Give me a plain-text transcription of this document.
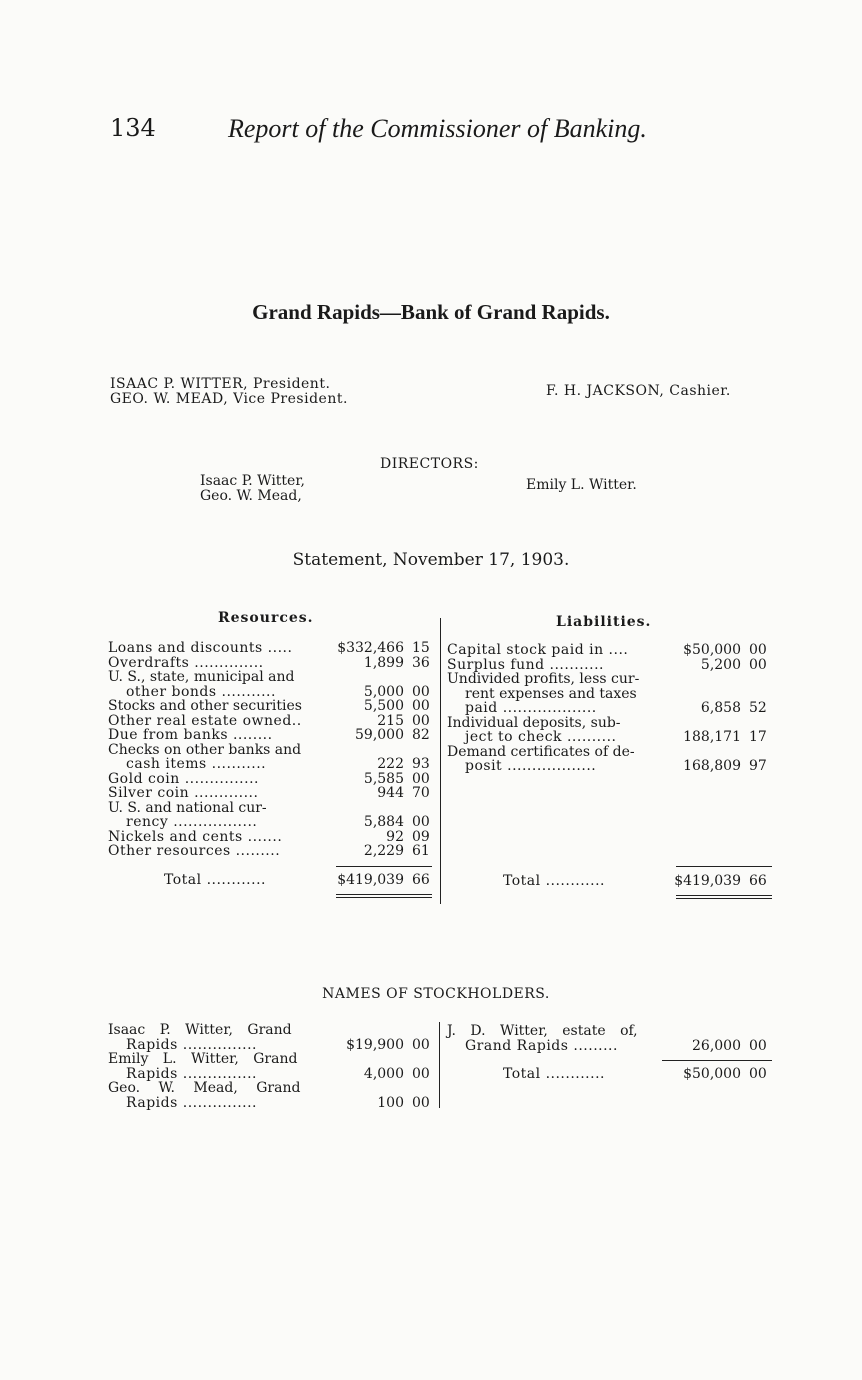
134	Report of the Commissioner of Banking.
Grand Rapids—Bank of Grand Rapids.
ISAAC P. WITTER, President.
GEO. W. MEAD, Vice President.	F. H. JACKSON, Cashier.
DIRECTORS:
Isaac P. Witter,
Geo. W. Mead,
Emily L. Witter.
Statement, November 17, 1903.
Resources.	Liabilities.
Loans and discounts .....	$332,466	15
Overdrafts ..............	1,899	36
U. S., state, municipal and		
other bonds ...........	5,000	00
Stocks and other securities	5,500	00
Other real estate owned..	215	00
Due from banks ........	59,000	82
Checks on other banks and		
cash items ...........	222	93
Gold coin ...............	5,585	00
Silver coin .............	944	70
U. S. and national cur-		
rency .................	5,884	00
Nickels and cents .......	92	09
Other resources .........	2,229	61
Total ............	$419,039	66
Capital stock paid in ....	$50,000	00
Surplus fund ...........	5,200	00
Undivided profits, less cur-		
rent expenses and taxes		
paid ...................	6,858	52
Individual deposits, sub-		
ject to check ..........	188,171	17
Demand certificates of de-		
posit ..................	168,809	97
Total ............	$419,039	66
NAMES OF STOCKHOLDERS.
Isaac P. Witter, Grand		
Rapids ...............	$19,900	00
Emily L. Witter, Grand		
Rapids ...............	4,000	00
Geo. W. Mead, Grand		
Rapids ...............	100	00
J. D. Witter, estate of,		
Grand Rapids .........	26,000	00
Total ............	$50,000	00
